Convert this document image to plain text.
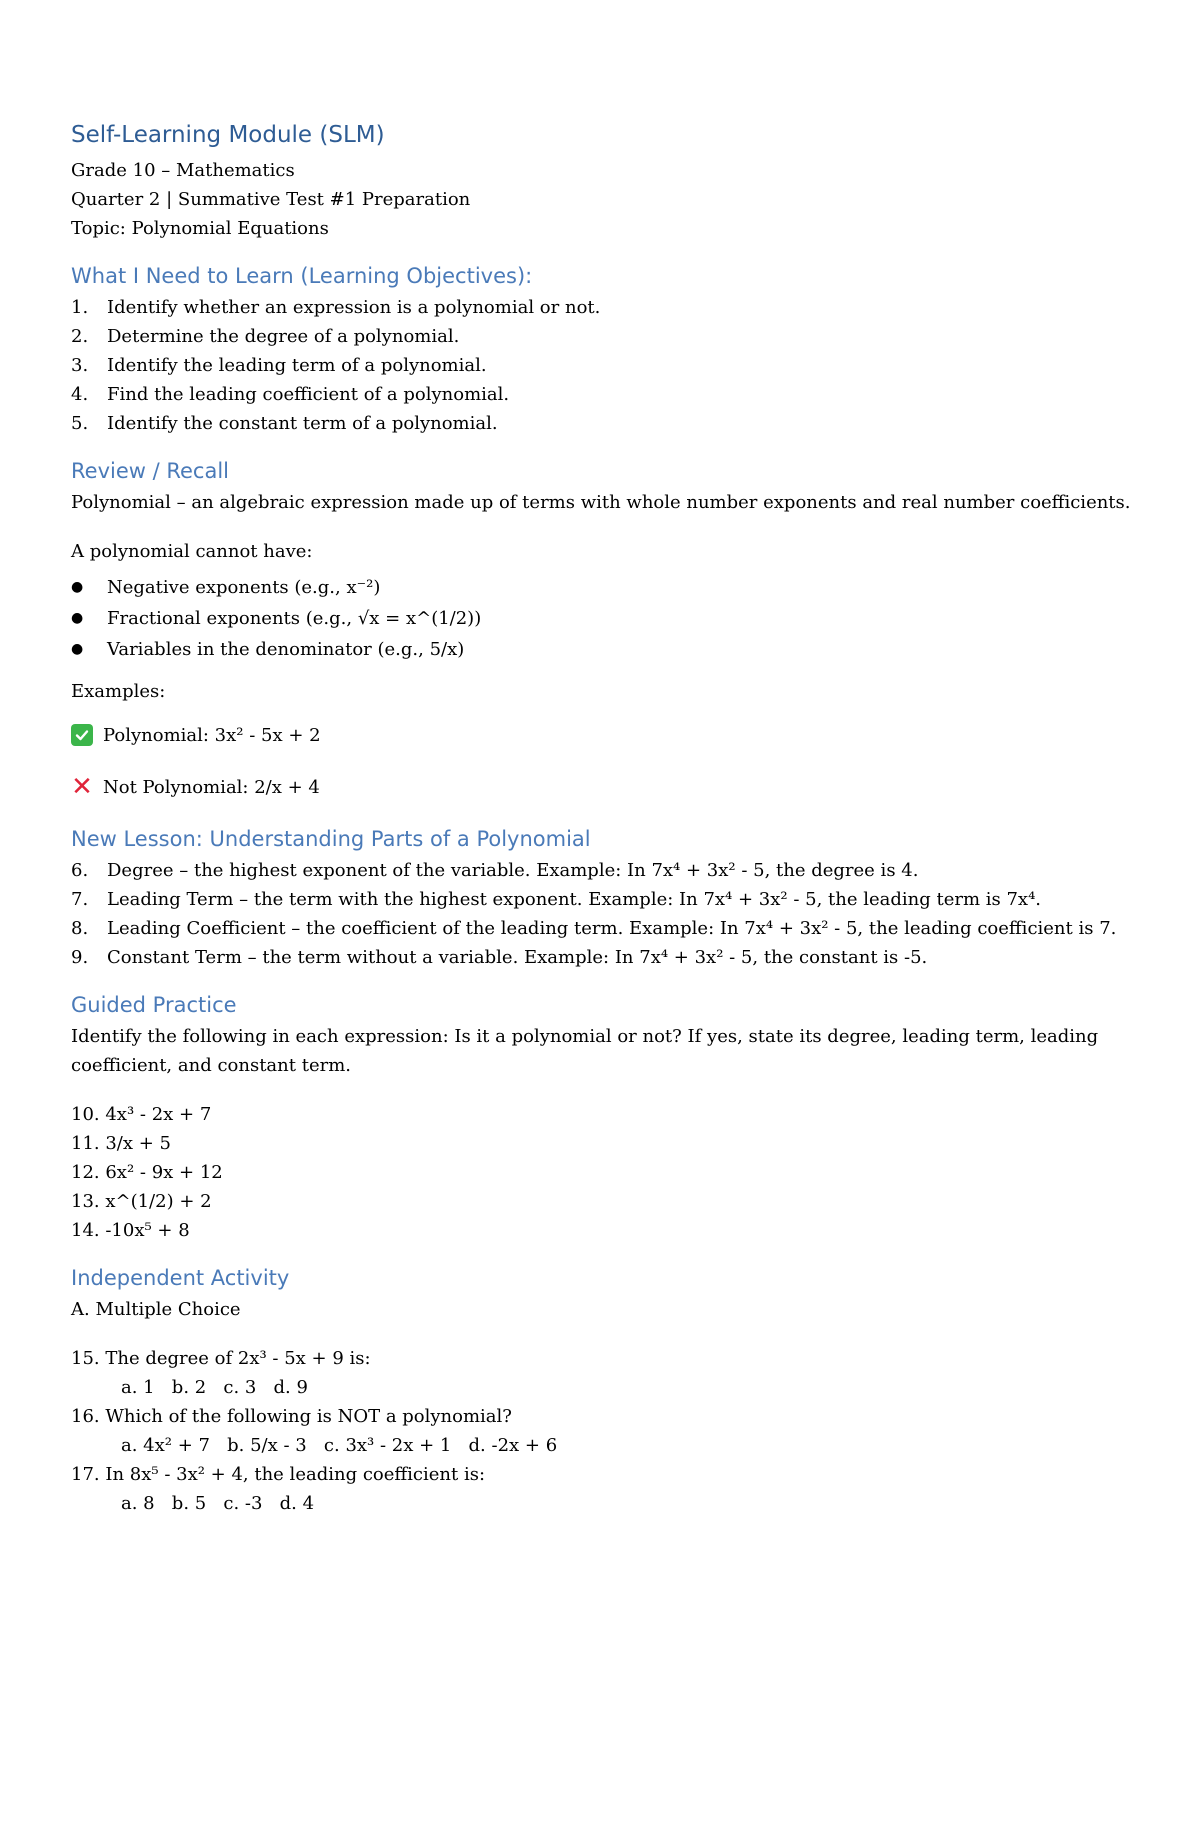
Self-Learning Module (SLM)
Grade 10 – Mathematics
Quarter 2 | Summative Test #1 Preparation
Topic: Polynomial Equations
What I Need to Learn (Learning Objectives):
1.	Identify whether an expression is a polynomial or not.
2.	Determine the degree of a polynomial.
3.	Identify the leading term of a polynomial.
4.	Find the leading coefficient of a polynomial.
5.	Identify the constant term of a polynomial.
Review / Recall

Polynomial – an algebraic expression made up of terms with whole number exponents and real number coefficients.

A polynomial cannot have:

●	Negative exponents (e.g., x⁻²)
●	Fractional exponents (e.g., √x = x^(1/2))
●	Variables in the denominator (e.g., 5/x)

Examples:

Polynomial: 3x² - 5x + 2
✕ Not Polynomial: 2/x + 4
New Lesson: Understanding Parts of a Polynomial
6.	Degree – the highest exponent of the variable. Example: In 7x⁴ + 3x² - 5, the degree is 4.
7.	Leading Term – the term with the highest exponent. Example: In 7x⁴ + 3x² - 5, the leading term is 7x⁴.
8.	Leading Coefficient – the coefficient of the leading term. Example: In 7x⁴ + 3x² - 5, the leading coefficient is 7.
9.	Constant Term – the term without a variable. Example: In 7x⁴ + 3x² - 5, the constant is -5.
Guided Practice

Identify the following in each expression: Is it a polynomial or not? If yes, state its degree, leading term, leading coefficient, and constant term.

10. 4x³ - 2x + 7
11. 3/x + 5
12. 6x² - 9x + 12
13. x^(1/2) + 2
14. -10x⁵ + 8
Independent Activity

A. Multiple Choice

15. The degree of 2x³ - 5x + 9 is:
a. 1   b. 2   c. 3   d. 9
16. Which of the following is NOT a polynomial?
a. 4x² + 7   b. 5/x - 3   c. 3x³ - 2x + 1   d. -2x + 6
17. In 8x⁵ - 3x² + 4, the leading coefficient is:
a. 8   b. 5   c. -3   d. 4
